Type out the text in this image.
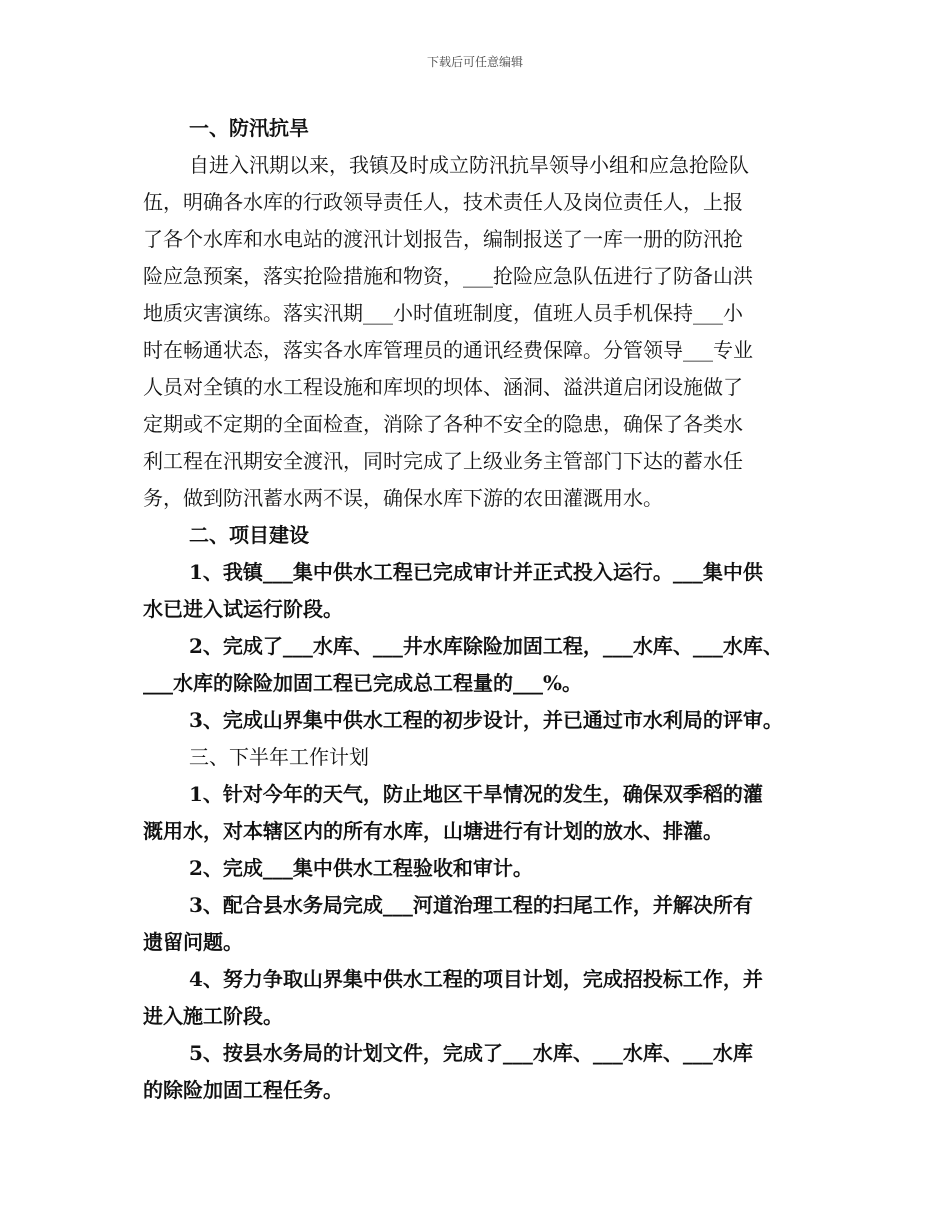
下载后可任意编辑
一、防汛抗旱
自进入汛期以来，我镇及时成立防汛抗旱领导小组和应急抢险队
伍，明确各水库的行政领导责任人，技术责任人及岗位责任人，上报
了各个水库和水电站的渡汛计划报告，编制报送了一库一册的防汛抢
险应急预案，落实抢险措施和物资，___抢险应急队伍进行了防备山洪
地质灾害演练。落实汛期___小时值班制度，值班人员手机保持___小
时在畅通状态，落实各水库管理员的通讯经费保障。分管领导___专业
人员对全镇的水工程设施和库坝的坝体、涵洞、溢洪道启闭设施做了
定期或不定期的全面检查，消除了各种不安全的隐患，确保了各类水
利工程在汛期安全渡汛，同时完成了上级业务主管部门下达的蓄水任
务，做到防汛蓄水两不误，确保水库下游的农田灌溉用水。
二、项目建设
1、我镇___集中供水工程已完成审计并正式投入运行。___集中供
水已进入试运行阶段。
2、完成了___水库、___井水库除险加固工程，___水库、___水库、
___水库的除险加固工程已完成总工程量的___%。
3、完成山界集中供水工程的初步设计，并已通过市水利局的评审。
三、下半年工作计划
1、针对今年的天气，防止地区干旱情况的发生，确保双季稻的灌
溉用水，对本辖区内的所有水库，山塘进行有计划的放水、排灌。
2、完成___集中供水工程验收和审计。
3、配合县水务局完成___河道治理工程的扫尾工作，并解决所有
遗留问题。
4、努力争取山界集中供水工程的项目计划，完成招投标工作，并
进入施工阶段。
5、按县水务局的计划文件，完成了___水库、___水库、___水库
的除险加固工程任务。
